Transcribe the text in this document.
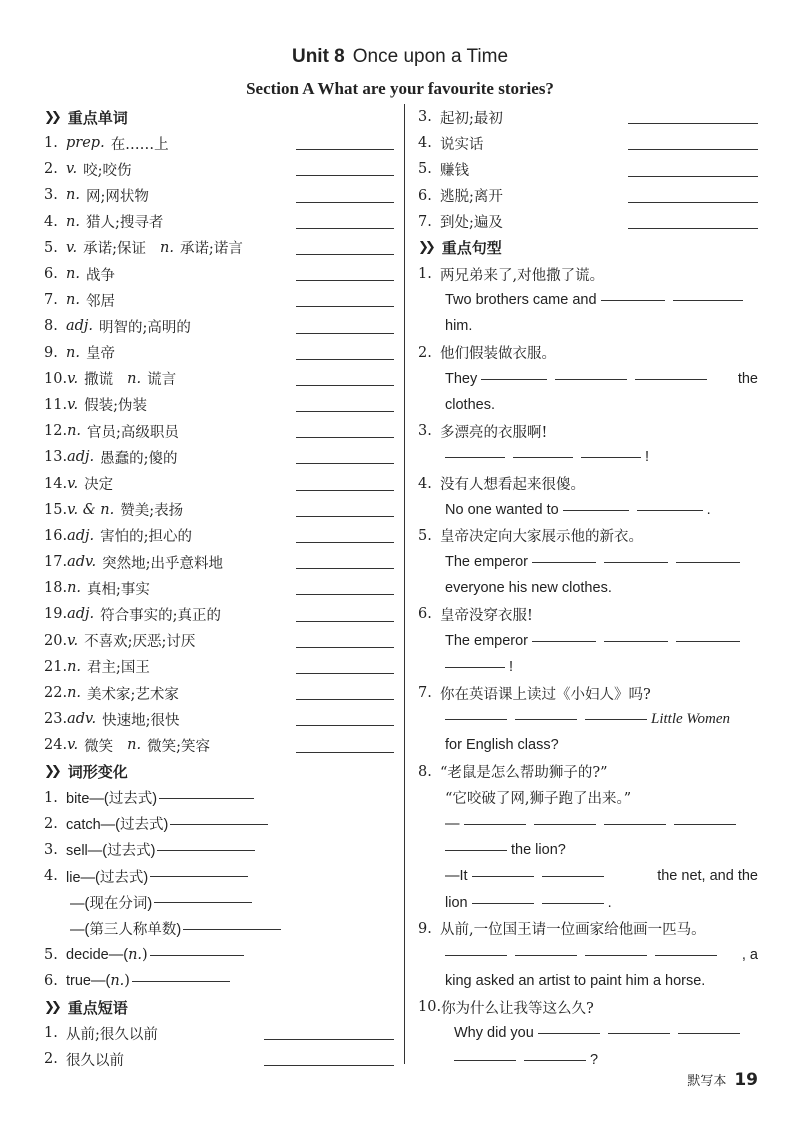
Unit 8 Once upon a Time
Section A What are your favourite stories?
❯❯ 重点单词
1. prep. 在……上
2. v. 咬;咬伤
3. n. 网;网状物
4. n. 猎人;搜寻者
5. v. 承诺;保证 n. 承诺;诺言
6. n. 战争
7. n. 邻居
8. adj. 明智的;高明的
9. n. 皇帝
10. v. 撒谎 n. 谎言
11. v. 假装;伪装
12. n. 官员;高级职员
13. adj. 愚蠢的;傻的
14. v. 决定
15. v. & n. 赞美;表扬
16. adj. 害怕的;担心的
17. adv. 突然地;出乎意料地
18. n. 真相;事实
19. adj. 符合事实的;真正的
20. v. 不喜欢;厌恶;讨厌
21. n. 君主;国王
22. n. 美术家;艺术家
23. adv. 快速地;很快
24. v. 微笑 n. 微笑;笑容
❯❯ 词形变化
1. bite—(过去式)
2. catch—(过去式)
3. sell—(过去式)
4. lie—(过去式)
—(现在分词)
—(第三人称单数)
5. decide—( n. )
6. true—( n. )
❯❯ 重点短语
1. 从前;很久以前
2. 很久以前
3. 起初;最初
4. 说实话
5. 赚钱
6. 逃脱;离开
7. 到处;遍及
❯❯ 重点句型
1. 两兄弟来了,对他撒了谎。
Two brothers came and
him.
2. 他们假装做衣服。
They	the
clothes.
3. 多漂亮的衣服啊!
!
4. 没有人想看起来很傻。
No one wanted to	.
5. 皇帝决定向大家展示他的新衣。
The emperor
everyone his new clothes.
6. 皇帝没穿衣服!
The emperor
!
7. 你在英语课上读过《小妇人》吗?
Little Women
for English class?
8. “老鼠是怎么帮助狮子的?”
“它咬破了网,狮子跑了出来。”
—
the lion?
—It	the net, and the
lion	.
9. 从前,一位国王请一位画家给他画一匹马。
, a
king asked an artist to paint him a horse.
10. 你为什么让我等这么久?
Why did you
?
默写本 19
